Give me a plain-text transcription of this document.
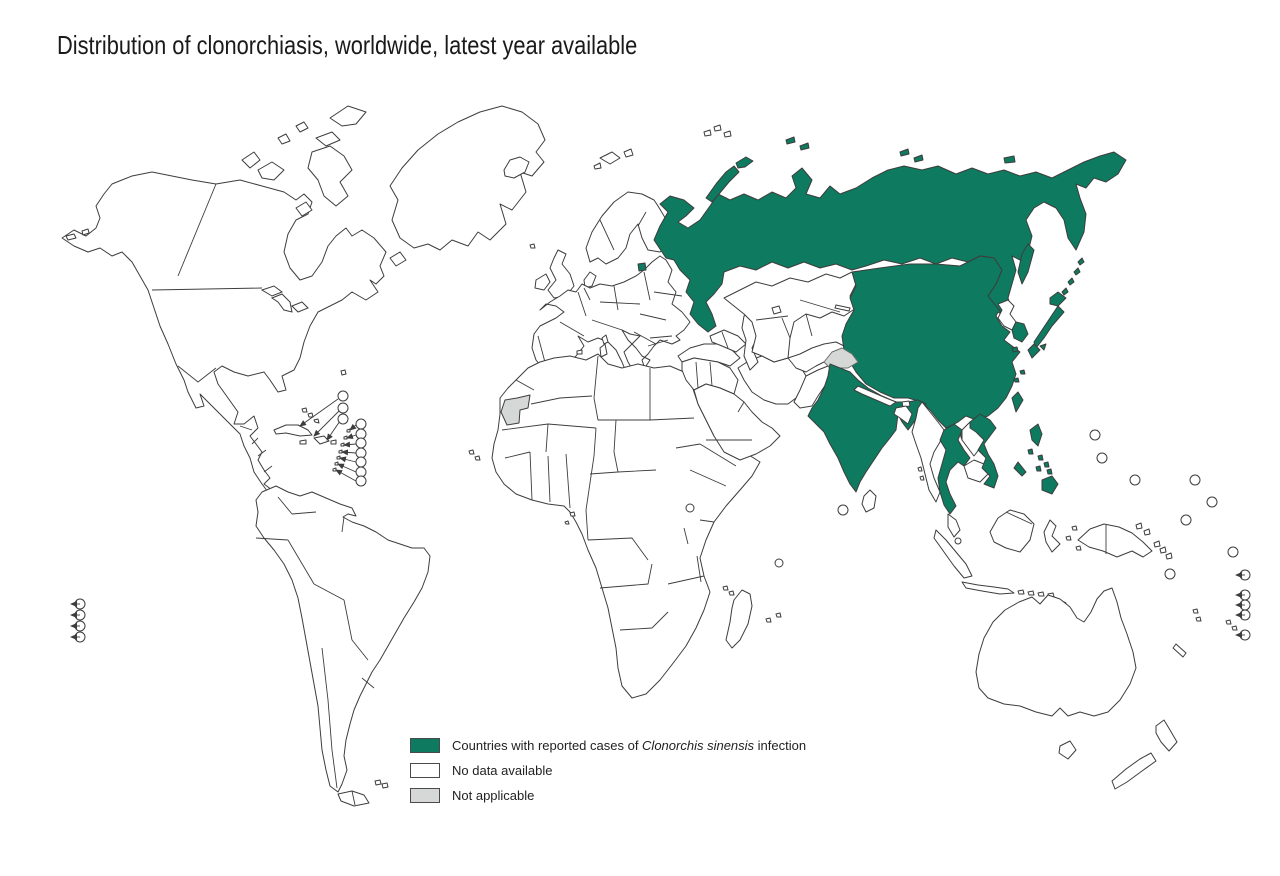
Distribution of clonorchiasis, worldwide, latest year available
Countries with reported cases of Clonorchis sinensis infection
No data available
Not applicable
